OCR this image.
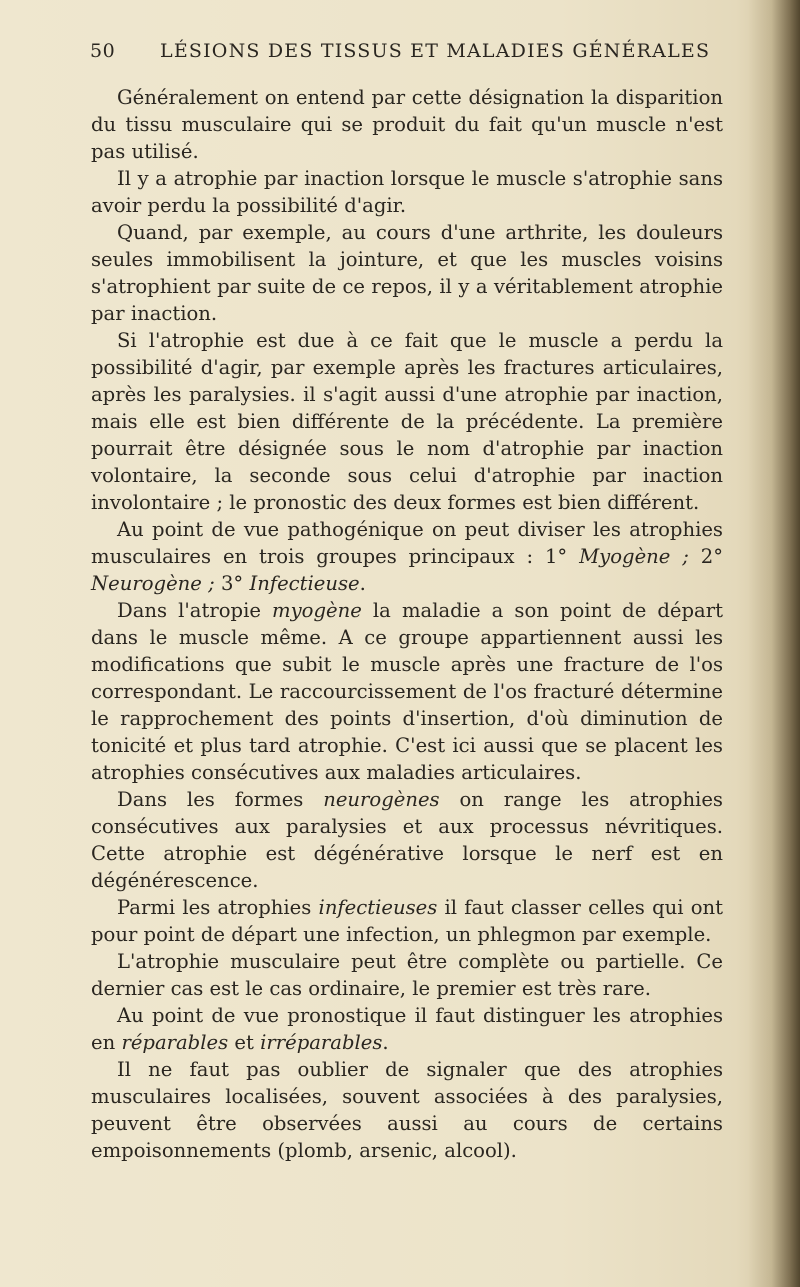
50 LÉSIONS DES TISSUS ET MALADIES GÉNÉRALES

Généralement on entend par cette désignation la disparition du tissu musculaire qui se produit du fait qu'un muscle n'est pas utilisé.

Il y a atrophie par inaction lorsque le muscle s'atrophie sans avoir perdu la possibilité d'agir.

Quand, par exemple, au cours d'une arthrite, les douleurs seules immobilisent la jointure, et que les muscles voisins s'atrophient par suite de ce repos, il y a véritablement atrophie par inaction.

Si l'atrophie est due à ce fait que le muscle a perdu la possibilité d'agir, par exemple après les fractures articulaires, après les paralysies. il s'agit aussi d'une atrophie par inaction, mais elle est bien différente de la précédente. La première pourrait être désignée sous le nom d'atrophie par inaction volontaire, la seconde sous celui d'atrophie par inaction involontaire ; le pronostic des deux formes est bien différent.

Au point de vue pathogénique on peut diviser les atrophies musculaires en trois groupes principaux : 1° Myogène ; 2° Neurogène ; 3° Infectieuse.

Dans l'atropie myogène la maladie a son point de départ dans le muscle même. A ce groupe appartiennent aussi les modifications que subit le muscle après une fracture de l'os correspondant. Le raccourcissement de l'os fracturé détermine le rapprochement des points d'insertion, d'où diminution de tonicité et plus tard atrophie. C'est ici aussi que se placent les atrophies consécutives aux maladies articulaires.

Dans les formes neurogènes on range les atrophies consécutives aux paralysies et aux processus névritiques. Cette atrophie est dégénérative lorsque le nerf est en dégénérescence.

Parmi les atrophies infectieuses il faut classer celles qui ont pour point de départ une infection, un phlegmon par exemple.

L'atrophie musculaire peut être complète ou partielle. Ce dernier cas est le cas ordinaire, le premier est très rare.

Au point de vue pronostique il faut distinguer les atrophies en réparables et irréparables.

Il ne faut pas oublier de signaler que des atrophies musculaires localisées, souvent associées à des paralysies, peuvent être observées aussi au cours de certains empoisonnements (plomb, arsenic, alcool).
